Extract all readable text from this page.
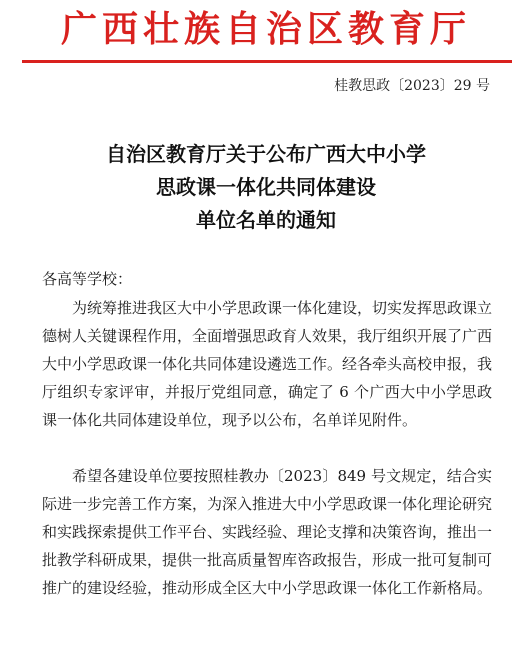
广西壮族自治区教育厅
桂教思政〔2023〕29 号
自治区教育厅关于公布广西大中小学
思政课一体化共同体建设
单位名单的通知
各高等学校：

为统筹推进我区大中小学思政课一体化建设，切实发挥思政课立德树人关键课程作用，全面增强思政育人效果，我厅组织开展了广西大中小学思政课一体化共同体建设遴选工作。经各牵头高校申报，我厅组织专家评审，并报厅党组同意，确定了 6 个广西大中小学思政课一体化共同体建设单位，现予以公布，名单详见附件。

希望各建设单位要按照桂教办〔2023〕849 号文规定，结合实际进一步完善工作方案，为深入推进大中小学思政课一体化理论研究和实践探索提供工作平台、实践经验、理论支撑和决策咨询，推出一批教学科研成果，提供一批高质量智库咨政报告，形成一批可复制可推广的建设经验，推动形成全区大中小学思政课一体化工作新格局。
